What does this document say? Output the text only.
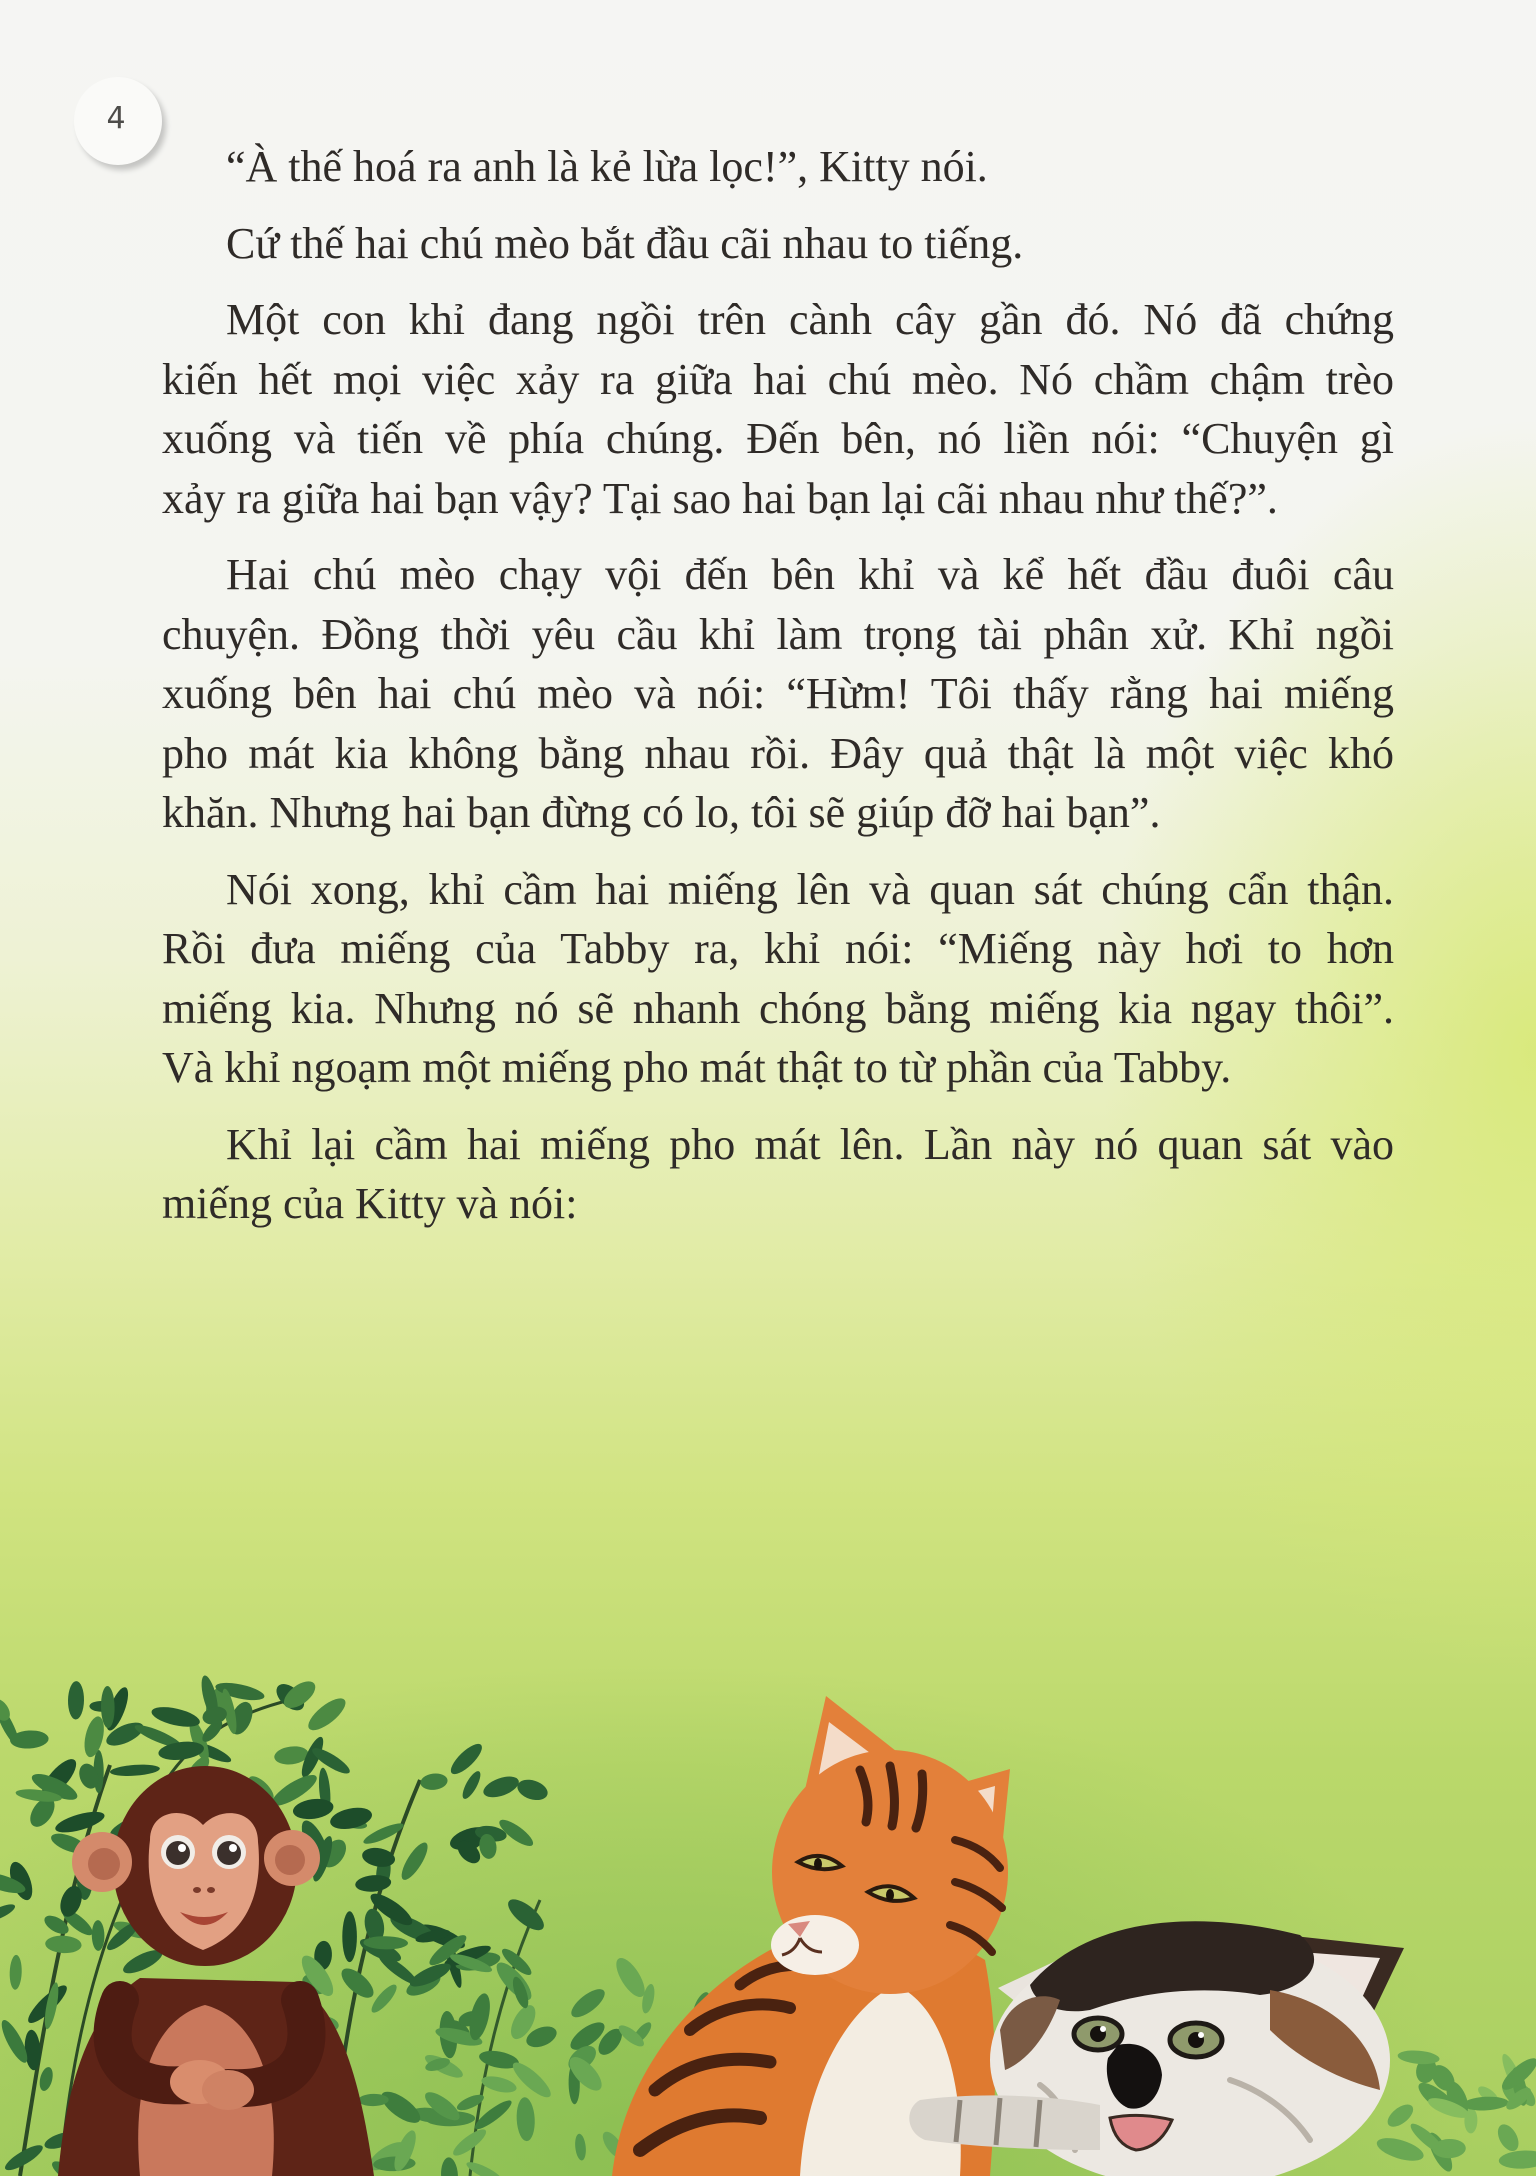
4
“À thế hoá ra anh là kẻ lừa lọc!”, Kitty nói.
Cứ thế hai chú mèo bắt đầu cãi nhau to tiếng.
Một con khỉ đang ngồi trên cành cây gần đó. Nó đã chứng
kiến hết mọi việc xảy ra giữa hai chú mèo. Nó chầm chậm trèo
xuống và tiến về phía chúng. Đến bên, nó liền nói: “Chuyện gì
xảy ra giữa hai bạn vậy? Tại sao hai bạn lại cãi nhau như thế?”.
Hai chú mèo chạy vội đến bên khỉ và kể hết đầu đuôi câu
chuyện. Đồng thời yêu cầu khỉ làm trọng tài phân xử. Khỉ ngồi
xuống bên hai chú mèo và nói: “Hừm! Tôi thấy rằng hai miếng
pho mát kia không bằng nhau rồi. Đây quả thật là một việc khó
khăn. Nhưng hai bạn đừng có lo, tôi sẽ giúp đỡ hai bạn”.
Nói xong, khỉ cầm hai miếng lên và quan sát chúng cẩn thận.
Rồi đưa miếng của Tabby ra, khỉ nói: “Miếng này hơi to hơn
miếng kia. Nhưng nó sẽ nhanh chóng bằng miếng kia ngay thôi”.
Và khỉ ngoạm một miếng pho mát thật to từ phần của Tabby.
Khỉ lại cầm hai miếng pho mát lên. Lần này nó quan sát vào
miếng của Kitty và nói:
